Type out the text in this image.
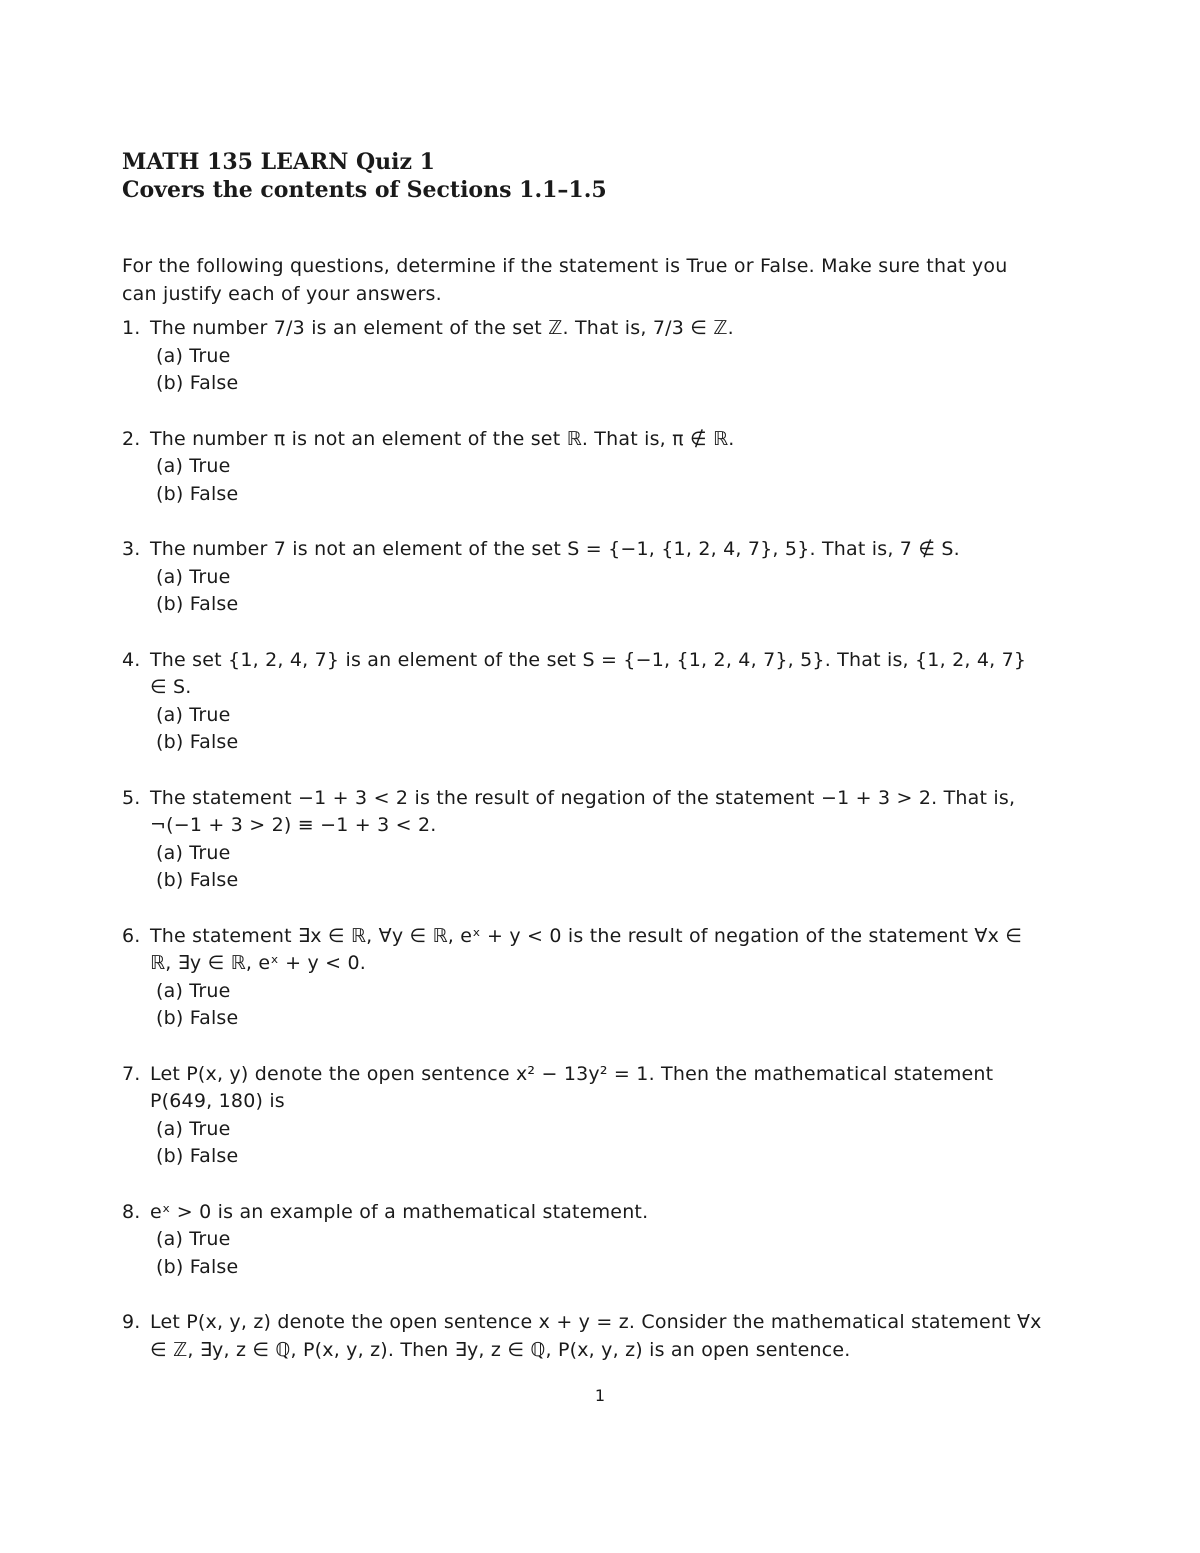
MATH 135 LEARN Quiz 1
Covers the contents of Sections 1.1–1.5
For the following questions, determine if the statement is True or False. Make sure that you can justify each of your answers.
1. The number 7/3 is an element of the set ℤ. That is, 7/3 ∈ ℤ.
(a) True
(b) False
2. The number π is not an element of the set ℝ. That is, π ∉ ℝ.
(a) True
(b) False
3. The number 7 is not an element of the set S = {−1, {1, 2, 4, 7}, 5}. That is, 7 ∉ S.
(a) True
(b) False
4. The set {1, 2, 4, 7} is an element of the set S = {−1, {1, 2, 4, 7}, 5}. That is, {1, 2, 4, 7} ∈ S.
(a) True
(b) False
5. The statement −1 + 3 < 2 is the result of negation of the statement −1 + 3 > 2. That is, ¬(−1 + 3 > 2) ≡ −1 + 3 < 2.
(a) True
(b) False
6. The statement ∃x ∈ ℝ, ∀y ∈ ℝ, eˣ + y < 0 is the result of negation of the statement ∀x ∈ ℝ, ∃y ∈ ℝ, eˣ + y < 0.
(a) True
(b) False
7. Let P(x, y) denote the open sentence x² − 13y² = 1. Then the mathematical statement P(649, 180) is
(a) True
(b) False
8. eˣ > 0 is an example of a mathematical statement.
(a) True
(b) False
9. Let P(x, y, z) denote the open sentence x + y = z. Consider the mathematical statement ∀x ∈ ℤ, ∃y, z ∈ ℚ, P(x, y, z). Then ∃y, z ∈ ℚ, P(x, y, z) is an open sentence.
1
